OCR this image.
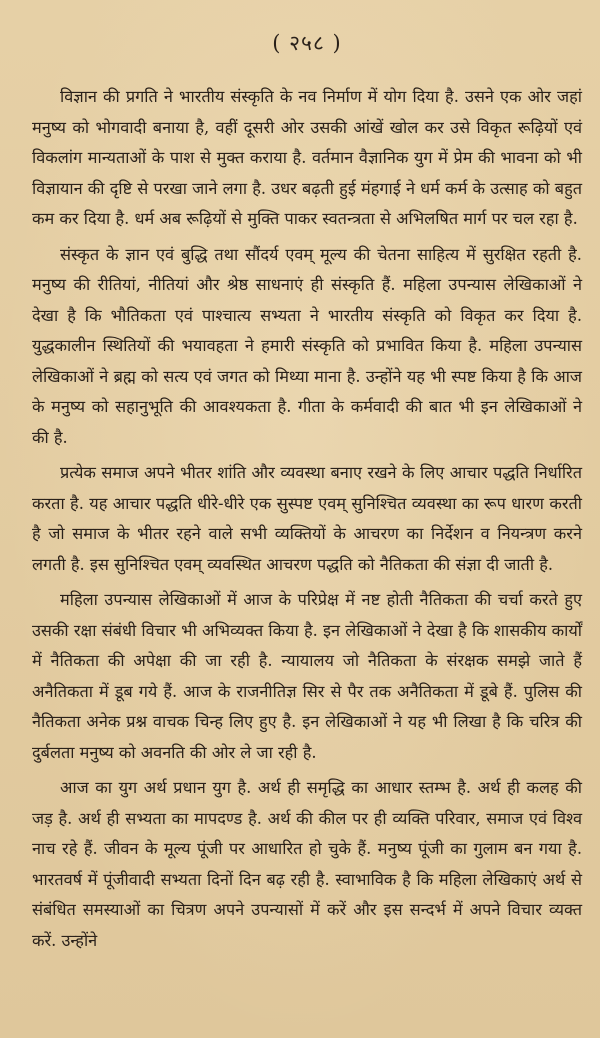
( २५८ )

विज्ञान की प्रगति ने भारतीय संस्कृति के नव निर्माण में योग दिया है. उसने एक ओर जहां मनुष्य को भोगवादी बनाया है, वहीं दूसरी ओर उसकी आंखें खोल कर उसे विकृत रूढ़ियों एवं विकलांग मान्यताओं के पाश से मुक्त कराया है. वर्तमान वैज्ञानिक युग में प्रेम की भावना को भी विज्ञायान की दृष्टि से परखा जाने लगा है. उधर बढ़ती हुई मंहगाई ने धर्म कर्म के उत्साह को बहुत कम कर दिया है. धर्म अब रूढ़ियों से मुक्ति पाकर स्वतन्त्रता से अभिलषित मार्ग पर चल रहा है.

संस्कृत के ज्ञान एवं बुद्धि तथा सौंदर्य एवम् मूल्य की चेतना साहित्य में सुरक्षित रहती है. मनुष्य की रीतियां, नीतियां और श्रेष्ठ साधनाएं ही संस्कृति हैं. महिला उपन्यास लेखिकाओं ने देखा है कि भौतिकता एवं पाश्चात्य सभ्यता ने भारतीय संस्कृति को विकृत कर दिया है. युद्धकालीन स्थितियों की भयावहता ने हमारी संस्कृति को प्रभावित किया है. महिला उपन्यास लेखिकाओं ने ब्रह्म को सत्य एवं जगत को मिथ्या माना है. उन्होंने यह भी स्पष्ट किया है कि आज के मनुष्य को सहानुभूति की आवश्यकता है. गीता के कर्मवादी की बात भी इन लेखिकाओं ने की है.

प्रत्येक समाज अपने भीतर शांति और व्यवस्था बनाए रखने के लिए आचार पद्धति निर्धारित करता है. यह आचार पद्धति धीरे-धीरे एक सुस्पष्ट एवम् सुनिश्चित व्यवस्था का रूप धारण करती है जो समाज के भीतर रहने वाले सभी व्यक्तियों के आचरण का निर्देशन व नियन्त्रण करने लगती है. इस सुनिश्चित एवम् व्यवस्थित आचरण पद्धति को नैतिकता की संज्ञा दी जाती है.

महिला उपन्यास लेखिकाओं में आज के परिप्रेक्ष में नष्ट होती नैतिकता की चर्चा करते हुए उसकी रक्षा संबंधी विचार भी अभिव्यक्त किया है. इन लेखिकाओं ने देखा है कि शासकीय कार्यों में नैतिकता की अपेक्षा की जा रही है. न्यायालय जो नैतिकता के संरक्षक समझे जाते हैं अनैतिकता में डूब गये हैं. आज के राजनीतिज्ञ सिर से पैर तक अनैतिकता में डूबे हैं. पुलिस की नैतिकता अनेक प्रश्न वाचक चिन्ह लिए हुए है. इन लेखिकाओं ने यह भी लिखा है कि चरित्र की दुर्बलता मनुष्य को अवनति की ओर ले जा रही है.

आज का युग अर्थ प्रधान युग है. अर्थ ही समृद्धि का आधार स्तम्भ है. अर्थ ही कलह की जड़ है. अर्थ ही सभ्यता का मापदण्ड है. अर्थ की कील पर ही व्यक्ति परिवार, समाज एवं विश्व नाच रहे हैं. जीवन के मूल्य पूंजी पर आधारित हो चुके हैं. मनुष्य पूंजी का गुलाम बन गया है. भारतवर्ष में पूंजीवादी सभ्यता दिनों दिन बढ़ रही है. स्वाभाविक है कि महिला लेखिकाएं अर्थ से संबंधित समस्याओं का चित्रण अपने उपन्यासों में करें और इस सन्दर्भ में अपने विचार व्यक्त करें. उन्होंने
